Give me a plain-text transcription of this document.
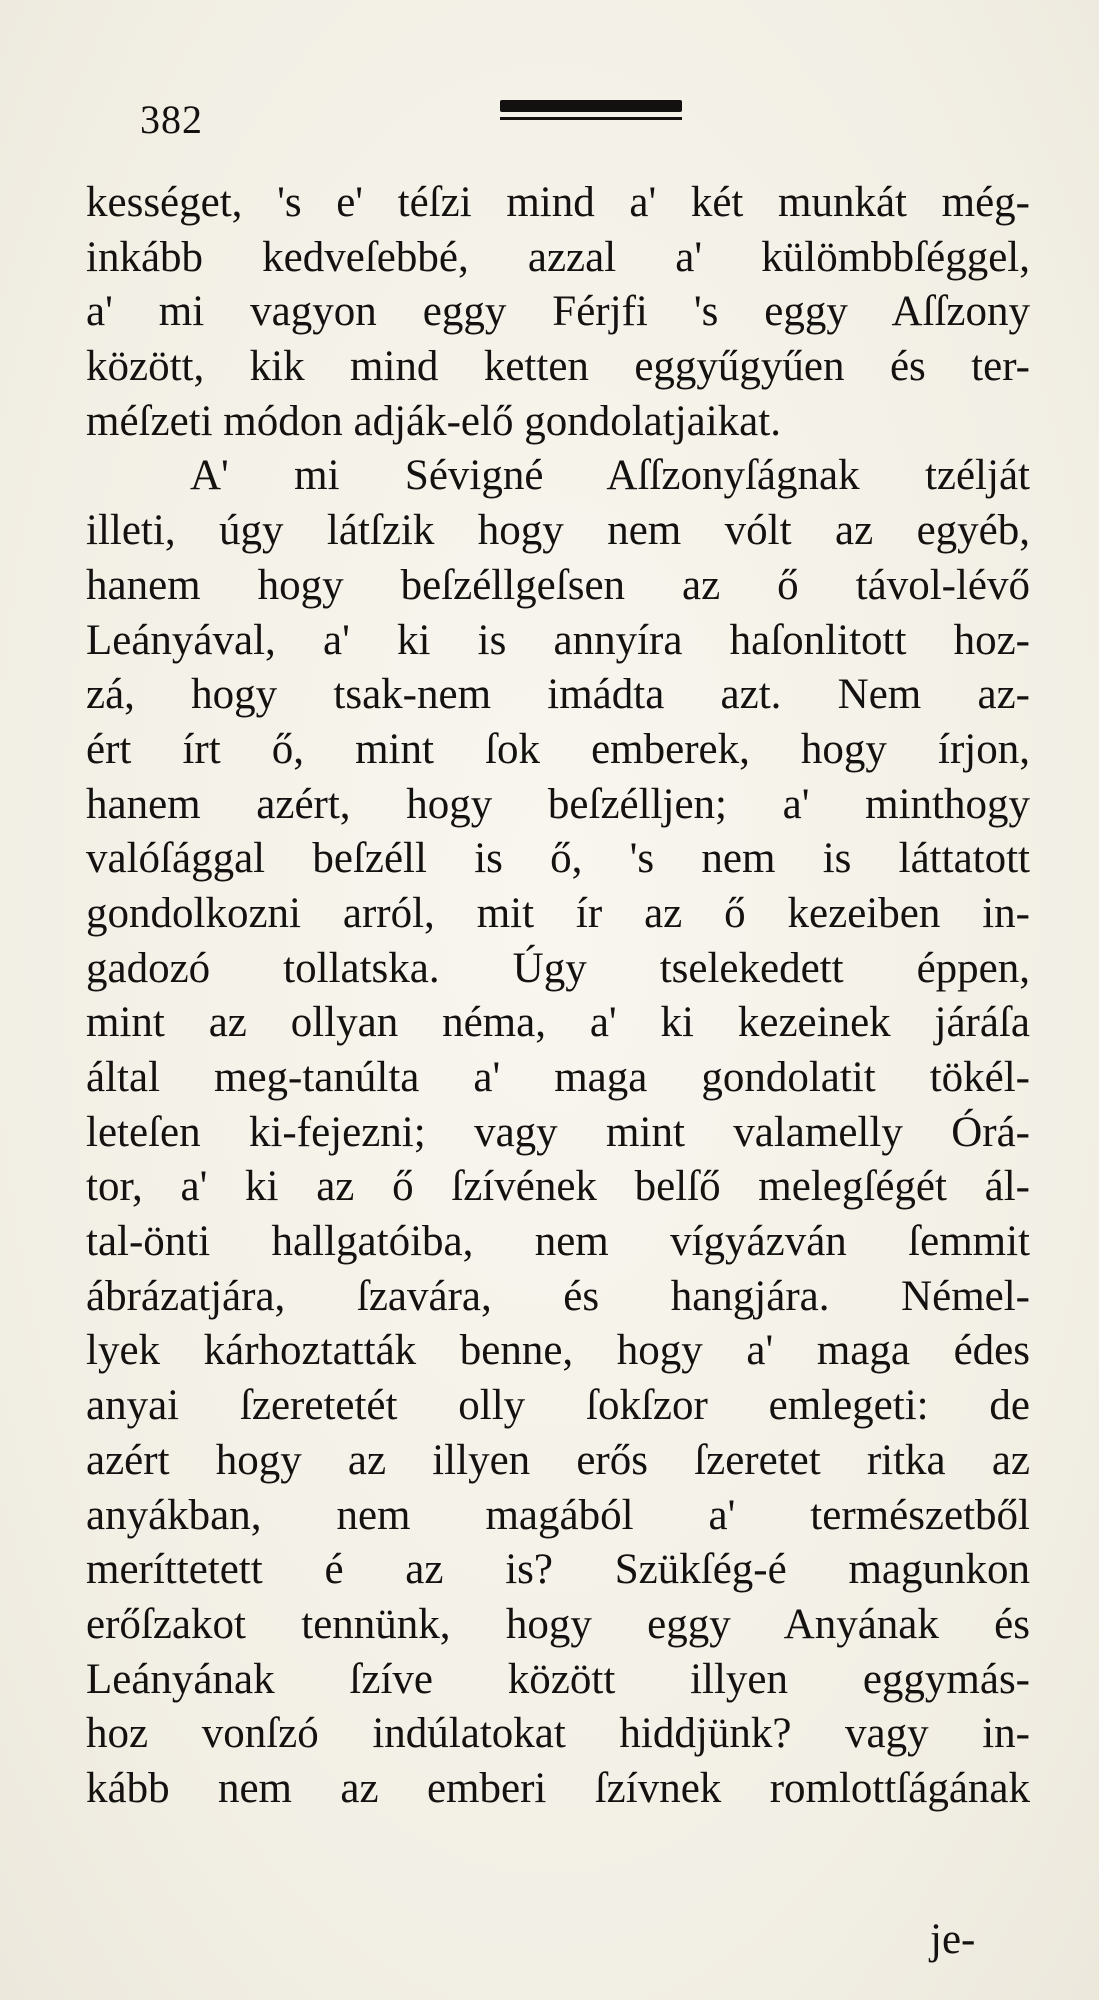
382
kességet, 's e' téſzi mind a' két munkát még-
inkább kedveſebbé, azzal a' külömbbſéggel,
a' mi vagyon eggy Férjfi 's eggy Aſſzony
között, kik mind ketten eggyűgyűen és ter-
méſzeti módon adják-elő gondolatjaikat.
A' mi Sévigné Aſſzonyſágnak tzélját
illeti, úgy látſzik hogy nem vólt az egyéb,
hanem hogy beſzéllgeſsen az ő távol-lévő
Leányával, a' ki is annyíra haſonlitott hoz-
zá, hogy tsak-nem imádta azt. Nem az-
ért írt ő, mint ſok emberek, hogy írjon,
hanem azért, hogy beſzélljen; a' minthogy
valóſággal beſzéll is ő, 's nem is láttatott
gondolkozni arról, mit ír az ő kezeiben in-
gadozó tollatska. Úgy tselekedett éppen,
mint az ollyan néma, a' ki kezeinek járáſa
által meg-tanúlta a' maga gondolatit tökél-
leteſen ki-fejezni; vagy mint valamelly Órá-
tor, a' ki az ő ſzívének belſő melegſégét ál-
tal-önti hallgatóiba, nem vígyázván ſemmit
ábrázatjára, ſzavára, és hangjára. Némel-
lyek kárhoztatták benne, hogy a' maga édes
anyai ſzeretetét olly ſokſzor emlegeti: de
azért hogy az illyen erős ſzeretet ritka az
anyákban, nem magából a' természetből
meríttetett é az is? Szükſég-é magunkon
erőſzakot tennünk, hogy eggy Anyának és
Leányának ſzíve között illyen eggymás-
hoz vonſzó indúlatokat hiddjünk? vagy in-
kább nem az emberi ſzívnek romlottſágának
je-
